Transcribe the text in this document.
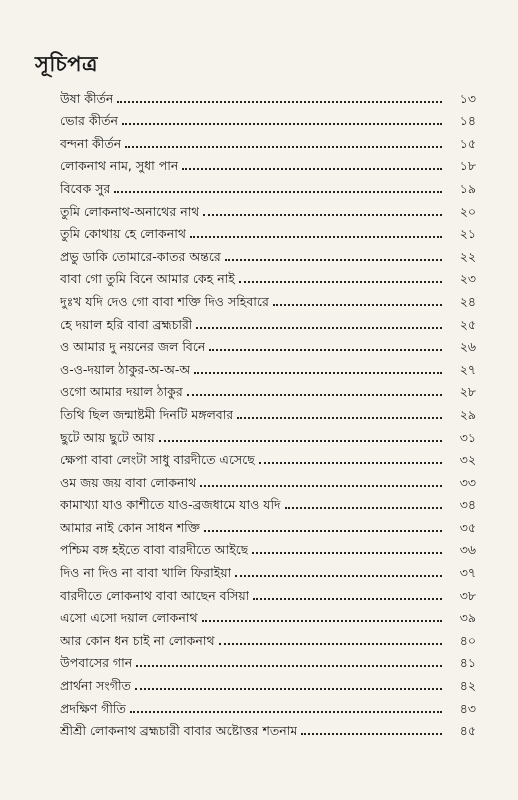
সূচিপত্র
উষা কীর্তন	১৩
ভোর কীর্তন	১৪
বন্দনা কীর্তন	১৫
লোকনাথ নাম, সুধা পান	১৮
বিবেক সুর	১৯
তুমি লোকনাথ-অনাথের নাথ	২০
তুমি কোথায় হে লোকনাথ	২১
প্রভু ডাকি তোমারে-কাতর অন্তরে	২২
বাবা গো তুমি বিনে আমার কেহ নাই	২৩
দুঃখ যদি দেও গো বাবা শক্তি দিও সহিবারে	২৪
হে দয়াল হরি বাবা ব্রহ্মচারী	২৫
ও আমার দু নয়নের জল বিনে	২৬
ও-ও-দয়াল ঠাকুর-অ-অ-অ	২৭
ওগো আমার দয়াল ঠাকুর	২৮
তিথি ছিল জন্মাষ্টমী দিনটি মঙ্গলবার	২৯
ছুটে আয় ছুটে আয়	৩১
ক্ষেপা বাবা লেংটা সাধু বারদীতে এসেছে	৩২
ওম জয় জয় বাবা লোকনাথ	৩৩
কামাখ্যা যাও কাশীতে যাও-ব্রজধামে যাও যদি	৩৪
আমার নাই কোন সাধন শক্তি	৩৫
পশ্চিম বঙ্গ হইতে বাবা বারদীতে আইছে	৩৬
দিও না দিও না বাবা খালি ফিরাইয়া	৩৭
বারদীতে লোকনাথ বাবা আছেন বসিয়া	৩৮
এসো এসো দয়াল লোকনাথ	৩৯
আর কোন ধন চাই না লোকনাথ	৪০
উপবাসের গান	৪১
প্রার্থনা সংগীত	৪২
প্রদক্ষিণ গীতি	৪৩
শ্রীশ্রী লোকনাথ ব্রহ্মচারী বাবার অষ্টোত্তর শতনাম	৪৫
